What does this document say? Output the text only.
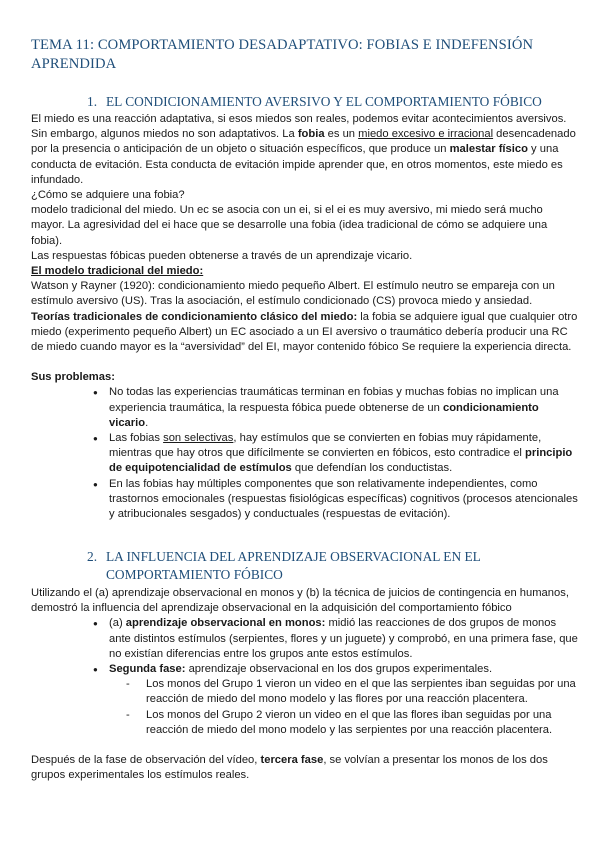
TEMA 11: COMPORTAMIENTO DESADAPTATIVO: FOBIAS E INDEFENSIÓN APRENDIDA
1. EL CONDICIONAMIENTO AVERSIVO Y EL COMPORTAMIENTO FÓBICO

El miedo es una reacción adaptativa, si esos miedos son reales, podemos evitar acontecimientos aversivos. Sin embargo, algunos miedos no son adaptativos. La fobia es un miedo excesivo e irracional desencadenado por la presencia o anticipación de un objeto o situación específicos, que produce un malestar físico y una conducta de evitación. Esta conducta de evitación impide aprender que, en otros momentos, este miedo es infundado.

¿Cómo se adquiere una fobia?

modelo tradicional del miedo. Un ec se asocia con un ei, si el ei es muy aversivo, mi miedo será mucho mayor. La agresividad del ei hace que se desarrolle una fobia (idea tradicional de cómo se adquiere una fobia).

Las respuestas fóbicas pueden obtenerse a través de un aprendizaje vicario.

El modelo tradicional del miedo:

Watson y Rayner (1920): condicionamiento miedo pequeño Albert. El estímulo neutro se empareja con un estímulo aversivo (US). Tras la asociación, el estímulo condicionado (CS) provoca miedo y ansiedad.

Teorías tradicionales de condicionamiento clásico del miedo: la fobia se adquiere igual que cualquier otro miedo (experimento pequeño Albert) un EC asociado a un EI aversivo o traumático debería producir una RC de miedo cuando mayor es la “aversividad” del EI, mayor contenido fóbico Se requiere la experiencia directa.

Sus problemas:

● No todas las experiencias traumáticas terminan en fobias y muchas fobias no implican una experiencia traumática, la respuesta fóbica puede obtenerse de un condicionamiento vicario.
● Las fobias son selectivas, hay estímulos que se convierten en fobias muy rápidamente, mientras que hay otros que difícilmente se convierten en fóbicos, esto contradice el principio de equipotencialidad de estímulos que defendían los conductistas.
● En las fobias hay múltiples componentes que son relativamente independientes, como trastornos emocionales (respuestas fisiológicas específicas) cognitivos (procesos atencionales y atribucionales sesgados) y conductuales (respuestas de evitación).
2. LA INFLUENCIA DEL APRENDIZAJE OBSERVACIONAL EN EL
COMPORTAMIENTO FÓBICO

Utilizando el (a) aprendizaje observacional en monos y (b) la técnica de juicios de contingencia en humanos, demostró la influencia del aprendizaje observacional en la adquisición del comportamiento fóbico

● (a) aprendizaje observacional en monos: midió las reacciones de dos grupos de monos ante distintos estímulos (serpientes, flores y un juguete) y comprobó, en una primera fase, que no existían diferencias entre los grupos ante estos estímulos.
● Segunda fase: aprendizaje observacional en los dos grupos experimentales.
- Los monos del Grupo 1 vieron un video en el que las serpientes iban seguidas por una reacción de miedo del mono modelo y las flores por una reacción placentera.
- Los monos del Grupo 2 vieron un video en el que las flores iban seguidas por una reacción de miedo del mono modelo y las serpientes por una reacción placentera.

Después de la fase de observación del vídeo, tercera fase, se volvían a presentar los monos de los dos grupos experimentales los estímulos reales.
